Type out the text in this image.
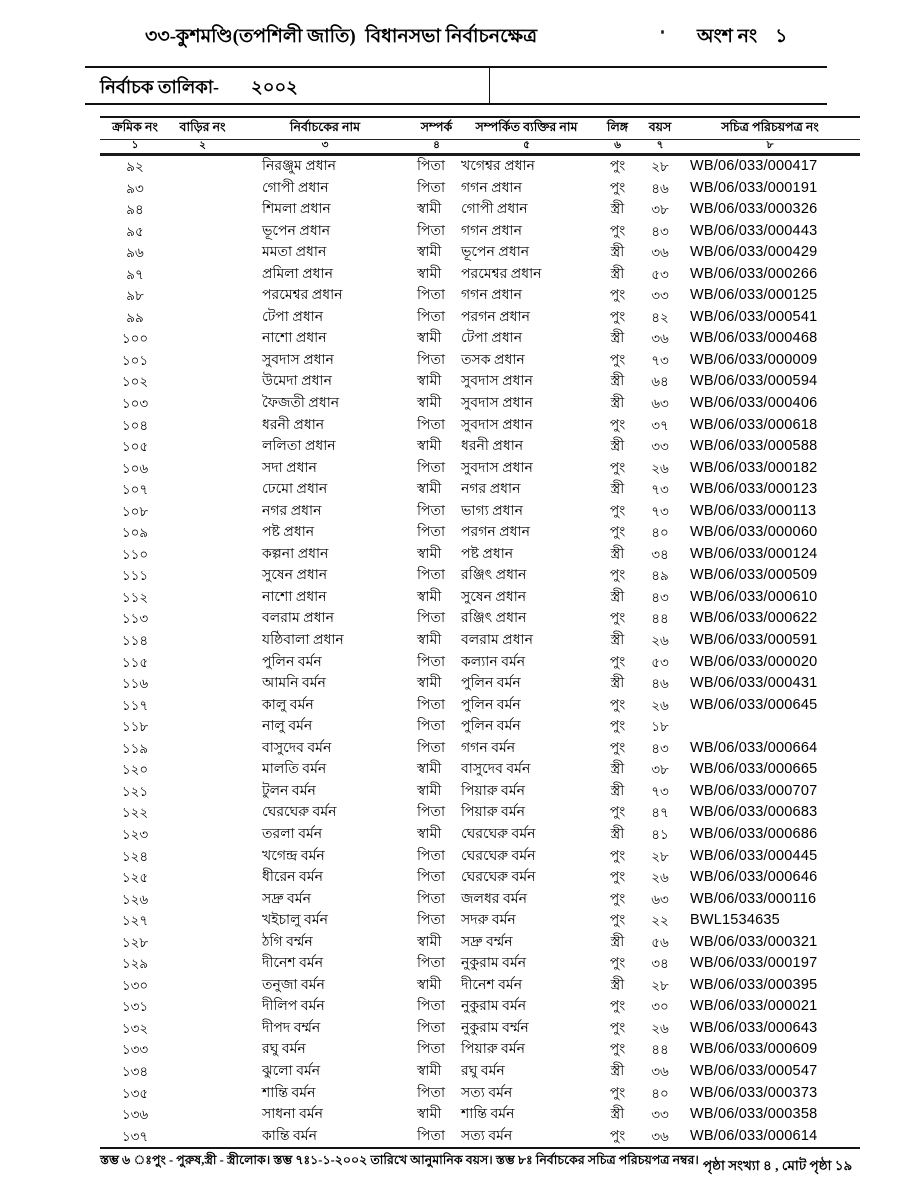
৩৩-কুশমণ্ডি(তপশিলী জাতি)  বিধানসভা নির্বাচনক্ষেত্র	অংশ নং ১
নির্বাচক তালিকা- ২০০২
ক্রমিক নং	বাড়ির নং	নির্বাচকের নাম	সম্পর্ক	সম্পর্কিত ব্যক্তির নাম	লিঙ্গ	বয়স	সচিত্র পরিচয়পত্র নং
১	২	৩	৪	৫	৬	৭	৮
৯২	নিরঞ্জুম প্রধান	পিতা	খগেশ্বর প্রধান	পুং	২৮	WB/06/033/000417
৯৩	গোপী প্রধান	পিতা	গগন প্রধান	পুং	৪৬	WB/06/033/000191
৯৪	শিমলা প্রধান	স্বামী	গোপী প্রধান	স্ত্রী	৩৮	WB/06/033/000326
৯৫	ভূপেন প্রধান	পিতা	গগন প্রধান	পুং	৪৩	WB/06/033/000443
৯৬	মমতা প্রধান	স্বামী	ভূপেন প্রধান	স্ত্রী	৩৬	WB/06/033/000429
৯৭	প্রমিলা প্রধান	স্বামী	পরমেশ্বর প্রধান	স্ত্রী	৫৩	WB/06/033/000266
৯৮	পরমেশ্বর প্রধান	পিতা	গগন প্রধান	পুং	৩৩	WB/06/033/000125
৯৯	টেপা প্রধান	পিতা	পরগন প্রধান	পুং	৪২	WB/06/033/000541
১০০	নাশো প্রধান	স্বামী	টেপা প্রধান	স্ত্রী	৩৬	WB/06/033/000468
১০১	সুবদাস প্রধান	পিতা	তসক প্রধান	পুং	৭৩	WB/06/033/000009
১০২	উমেদা প্রধান	স্বামী	সুবদাস প্রধান	স্ত্রী	৬৪	WB/06/033/000594
১০৩	ফৈজতী প্রধান	স্বামী	সুবদাস প্রধান	স্ত্রী	৬৩	WB/06/033/000406
১০৪	ধরনী প্রধান	পিতা	সুবদাস প্রধান	পুং	৩৭	WB/06/033/000618
১০৫	ললিতা প্রধান	স্বামী	ধরনী প্রধান	স্ত্রী	৩৩	WB/06/033/000588
১০৬	সদা প্রধান	পিতা	সুবদাস প্রধান	পুং	২৬	WB/06/033/000182
১০৭	ঢেমো প্রধান	স্বামী	নগর প্রধান	স্ত্রী	৭৩	WB/06/033/000123
১০৮	নগর প্রধান	পিতা	ভাগ্য প্রধান	পুং	৭৩	WB/06/033/000113
১০৯	পষ্ট প্রধান	পিতা	পরগন প্রধান	পুং	৪০	WB/06/033/000060
১১০	কল্পনা প্রধান	স্বামী	পষ্ট প্রধান	স্ত্রী	৩৪	WB/06/033/000124
১১১	সুষেন প্রধান	পিতা	রঞ্জিৎ প্রধান	পুং	৪৯	WB/06/033/000509
১১২	নাশো প্রধান	স্বামী	সুষেন প্রধান	স্ত্রী	৪৩	WB/06/033/000610
১১৩	বলরাম প্রধান	পিতা	রঞ্জিৎ প্রধান	পুং	৪৪	WB/06/033/000622
১১৪	যষ্ঠিবালা প্রধান	স্বামী	বলরাম প্রধান	স্ত্রী	২৬	WB/06/033/000591
১১৫	পুলিন বর্মন	পিতা	কল্যান বর্মন	পুং	৫৩	WB/06/033/000020
১১৬	আমনি বর্মন	স্বামী	পুলিন বর্মন	স্ত্রী	৪৬	WB/06/033/000431
১১৭	কালু বর্মন	পিতা	পুলিন বর্মন	পুং	২৬	WB/06/033/000645
১১৮	নালু বর্মন	পিতা	পুলিন বর্মন	পুং	১৮
১১৯	বাসুদেব বর্মন	পিতা	গগন বর্মন	পুং	৪৩	WB/06/033/000664
১২০	মালতি বর্মন	স্বামী	বাসুদেব বর্মন	স্ত্রী	৩৮	WB/06/033/000665
১২১	টুলন বর্মন	স্বামী	পিয়ারু বর্মন	স্ত্রী	৭৩	WB/06/033/000707
১২২	ঘেরঘেরু বর্মন	পিতা	পিয়ারু বর্মন	পুং	৪৭	WB/06/033/000683
১২৩	তরলা বর্মন	স্বামী	ঘেরঘেরু বর্মন	স্ত্রী	৪১	WB/06/033/000686
১২৪	খগেন্দ্র বর্মন	পিতা	ঘেরঘেরু বর্মন	পুং	২৮	WB/06/033/000445
১২৫	ধীরেন বর্মন	পিতা	ঘেরঘেরু বর্মন	পুং	২৬	WB/06/033/000646
১২৬	সদ্রু বর্মন	পিতা	জলধর বর্মন	পুং	৬৩	WB/06/033/000116
১২৭	খইচালু বর্মন	পিতা	সদরু বর্মন	পুং	২২	BWL1534635
১২৮	ঠগি বর্ম্মন	স্বামী	সদ্রু বর্ম্মন	স্ত্রী	৫৬	WB/06/033/000321
১২৯	দীনেশ বর্মন	পিতা	নুকুরাম বর্মন	পুং	৩৪	WB/06/033/000197
১৩০	তনুজা বর্মন	স্বামী	দীনেশ বর্মন	স্ত্রী	২৮	WB/06/033/000395
১৩১	দীলিপ বর্মন	পিতা	নুকুরাম বর্মন	পুং	৩০	WB/06/033/000021
১৩২	দীপদ বর্ম্মন	পিতা	নুকুরাম বর্ম্মন	পুং	২৬	WB/06/033/000643
১৩৩	রঘু বর্মন	পিতা	পিয়ারু বর্মন	পুং	৪৪	WB/06/033/000609
১৩৪	ঝুলো বর্মন	স্বামী	রঘু বর্মন	স্ত্রী	৩৬	WB/06/033/000547
১৩৫	শান্তি বর্মন	পিতা	সত্য বর্মন	পুং	৪০	WB/06/033/000373
১৩৬	সাধনা বর্মন	স্বামী	শান্তি বর্মন	স্ত্রী	৩৩	WB/06/033/000358
১৩৭	কান্তি বর্মন	পিতা	সত্য বর্মন	পুং	৩৬	WB/06/033/000614
স্তম্ভ ৬ ঃপুং - পুরুষ,স্ত্রী - স্ত্রীলোক। স্তম্ভ ৭ঃ১-১-২০০২ তারিখে আনুমানিক বয়স। স্তম্ভ ৮ঃ নির্বাচকের সচিত্র পরিচয়পত্র নম্বর। পৃষ্ঠা সংখ্যা ৪ , মোট পৃষ্ঠা ১৯
